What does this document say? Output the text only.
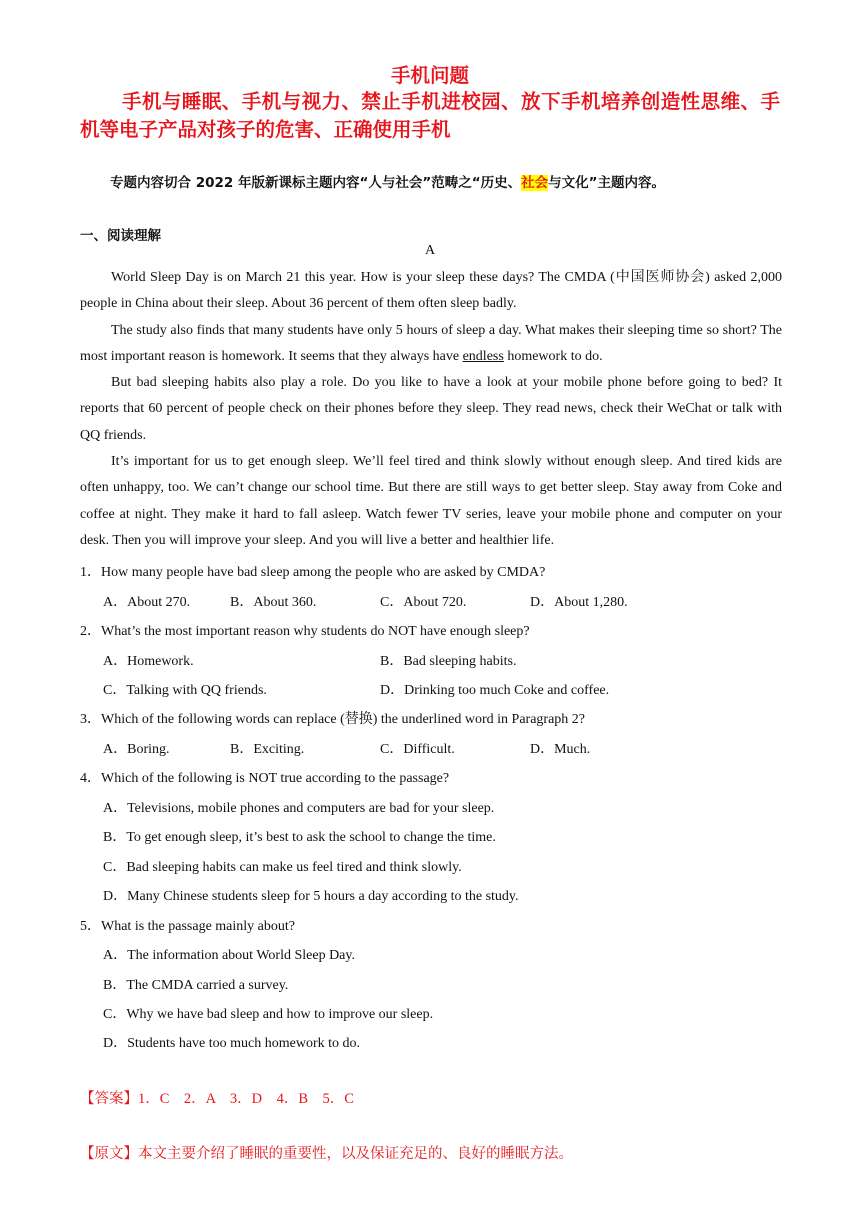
手机问题
手机与睡眠、手机与视力、禁止手机进校园、放下手机培养创造性思维、手机等电子产品对孩子的危害、正确使用手机
专题内容切合 2022 年版新课标主题内容“人与社会”范畴之“历史、社会与文化”主题内容。
一、阅读理解
A

World Sleep Day is on March 21 this year. How is your sleep these days? The CMDA (中国医师协会) asked 2,000 people in China about their sleep. About 36 percent of them often sleep badly.

The study also finds that many students have only 5 hours of sleep a day. What makes their sleeping time so short? The most important reason is homework. It seems that they always have endless homework to do.

But bad sleeping habits also play a role. Do you like to have a look at your mobile phone before going to bed? It reports that 60 percent of people check on their phones before they sleep. They read news, check their WeChat or talk with QQ friends.

It’s important for us to get enough sleep. We’ll feel tired and think slowly without enough sleep. And tired kids are often unhappy, too. We can’t change our school time. But there are still ways to get better sleep. Stay away from Coke and coffee at night. They make it hard to fall asleep. Watch fewer TV series, leave your mobile phone and computer on your desk. Then you will improve your sleep. And you will live a better and healthier life.

1．How many people have bad sleep among the people who are asked by CMDA?
A．About 270.	B．About 360.	C．About 720.	D．About 1,280.
2．What’s the most important reason why students do NOT have enough sleep?
A．Homework.	B．Bad sleeping habits.
C．Talking with QQ friends.	D．Drinking too much Coke and coffee.
3．Which of the following words can replace (替换) the underlined word in Paragraph 2?
A．Boring.	B．Exciting.	C．Difficult.	D．Much.
4．Which of the following is NOT true according to the passage?
A．Televisions, mobile phones and computers are bad for your sleep.
B．To get enough sleep, it’s best to ask the school to change the time.
C．Bad sleeping habits can make us feel tired and think slowly.
D．Many Chinese students sleep for 5 hours a day according to the study.
5．What is the passage mainly about?
A．The information about World Sleep Day.
B．The CMDA carried a survey.
C．Why we have bad sleep and how to improve our sleep.
D．Students have too much homework to do.
【答案】1．C　2．A　3．D　4．B　5．C
【原文】本文主要介绍了睡眠的重要性，以及保证充足的、良好的睡眠方法。
